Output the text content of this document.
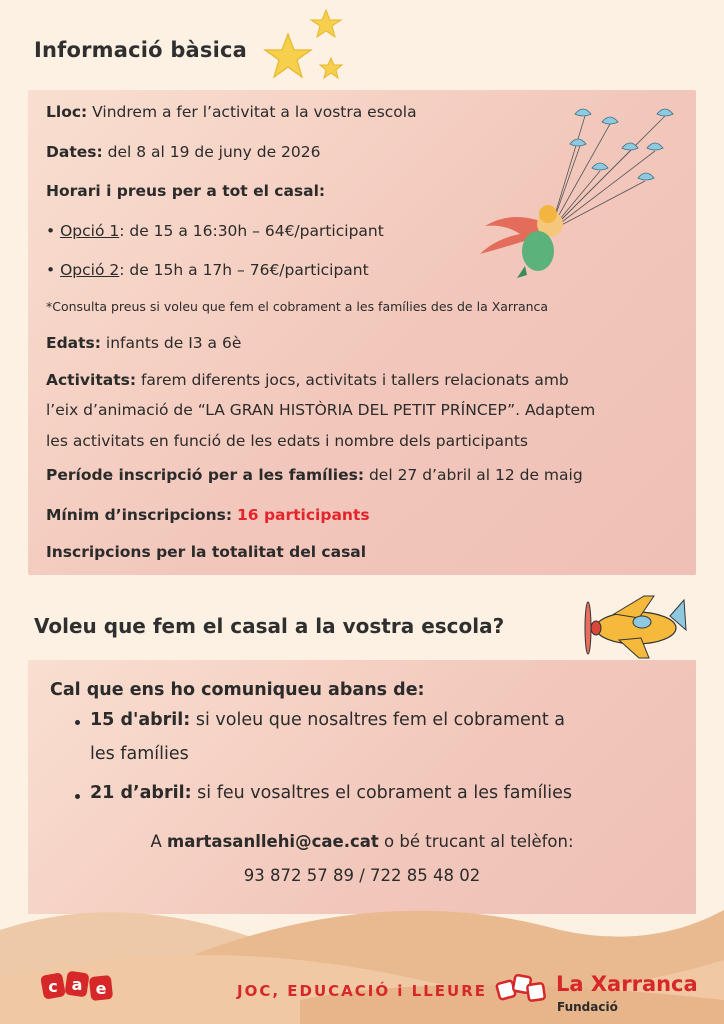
Informació bàsica
Lloc: Vindrem a fer l’activitat a la vostra escola
Dates: del 8 al 19 de juny de 2026
Horari i preus per a tot el casal:
• Opció 1: de 15 a 16:30h – 64€/participant
• Opció 2: de 15h a 17h – 76€/participant
*Consulta preus si voleu que fem el cobrament a les famílies des de la Xarranca
Edats: infants de I3 a 6è
Activitats: farem diferents jocs, activitats i tallers relacionats amb
l’eix d’animació de “LA GRAN HISTÒRIA DEL PETIT PRÍNCEP”. Adaptem
les activitats en funció de les edats i nombre dels participants
Període inscripció per a les famílies: del 27 d’abril al 12 de maig
Mínim d’inscripcions: 16 participants
Inscripcions per la totalitat del casal
Voleu que fem el casal a la vostra escola?
Cal que ens ho comuniqueu abans de:
15 d'abril: si voleu que nosaltres fem el cobrament a
les famílies
21 d’abril: si feu vosaltres el cobrament a les famílies
A martasanllehi@cae.cat o bé trucant al telèfon:
93 872 57 89 / 722 85 48 02
c a e	JOC, EDUCACIÓ i LLEURE	La Xarranca
Fundació
